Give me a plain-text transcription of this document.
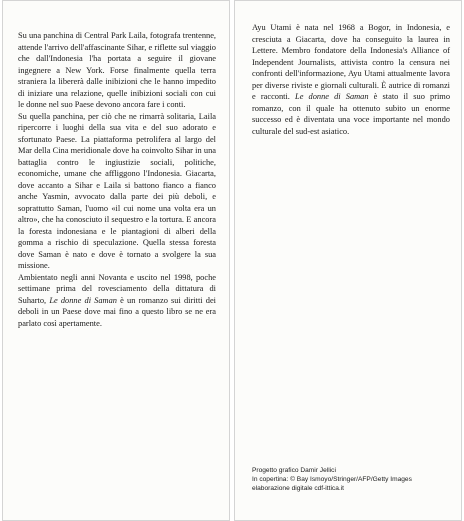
Su una panchina di Central Park Laila, fotografa trentenne, attende l'arrivo dell'affascinante Sihar, e riflette sul viaggio che dall'Indonesia l'ha portata a seguire il giovane ingegnere a New York. Forse finalmente quella terra straniera la libererà dalle inibizioni che le hanno impedito di iniziare una relazione, quelle inibizioni sociali con cui le donne nel suo Paese devono ancora fare i conti.

Su quella panchina, per ciò che ne rimarrà solitaria, Laila ripercorre i luoghi della sua vita e del suo adorato e sfortunato Paese. La piattaforma petrolifera al largo del Mar della Cina meridionale dove ha coinvolto Sihar in una battaglia contro le ingiustizie sociali, politiche, economiche, umane che affliggono l'Indonesia. Giacarta, dove accanto a Sihar e Laila si battono fianco a fianco anche Yasmin, avvocato dalla parte dei più deboli, e soprattutto Saman, l'uomo «il cui nome una volta era un altro», che ha conosciuto il sequestro e la tortura. E ancora la foresta indonesiana e le piantagioni di alberi della gomma a rischio di speculazione. Quella stessa foresta dove Saman è nato e dove è tornato a svolgere la sua missione.

Ambientato negli anni Novanta e uscito nel 1998, poche settimane prima del rovesciamento della dittatura di Suharto, Le donne di Saman è un romanzo sui diritti dei deboli in un Paese dove mai fino a questo libro se ne era parlato così apertamente.

Ayu Utami è nata nel 1968 a Bogor, in Indonesia, e cresciuta a Giacarta, dove ha conseguito la laurea in Lettere. Membro fondatore della Indonesia's Alliance of Independent Journalists, attivista contro la censura nei confronti dell'informazione, Ayu Utami attualmente lavora per diverse riviste e giornali culturali. È autrice di romanzi e racconti. Le donne di Saman è stato il suo primo romanzo, con il quale ha ottenuto subito un enorme successo ed è diventata una voce importante nel mondo culturale del sud-est asiatico.

Progetto grafico Damir Jellici
In copertina: © Bay Ismoyo/Stringer/AFP/Getty Images
elaborazione digitale cdf-ittica.it
